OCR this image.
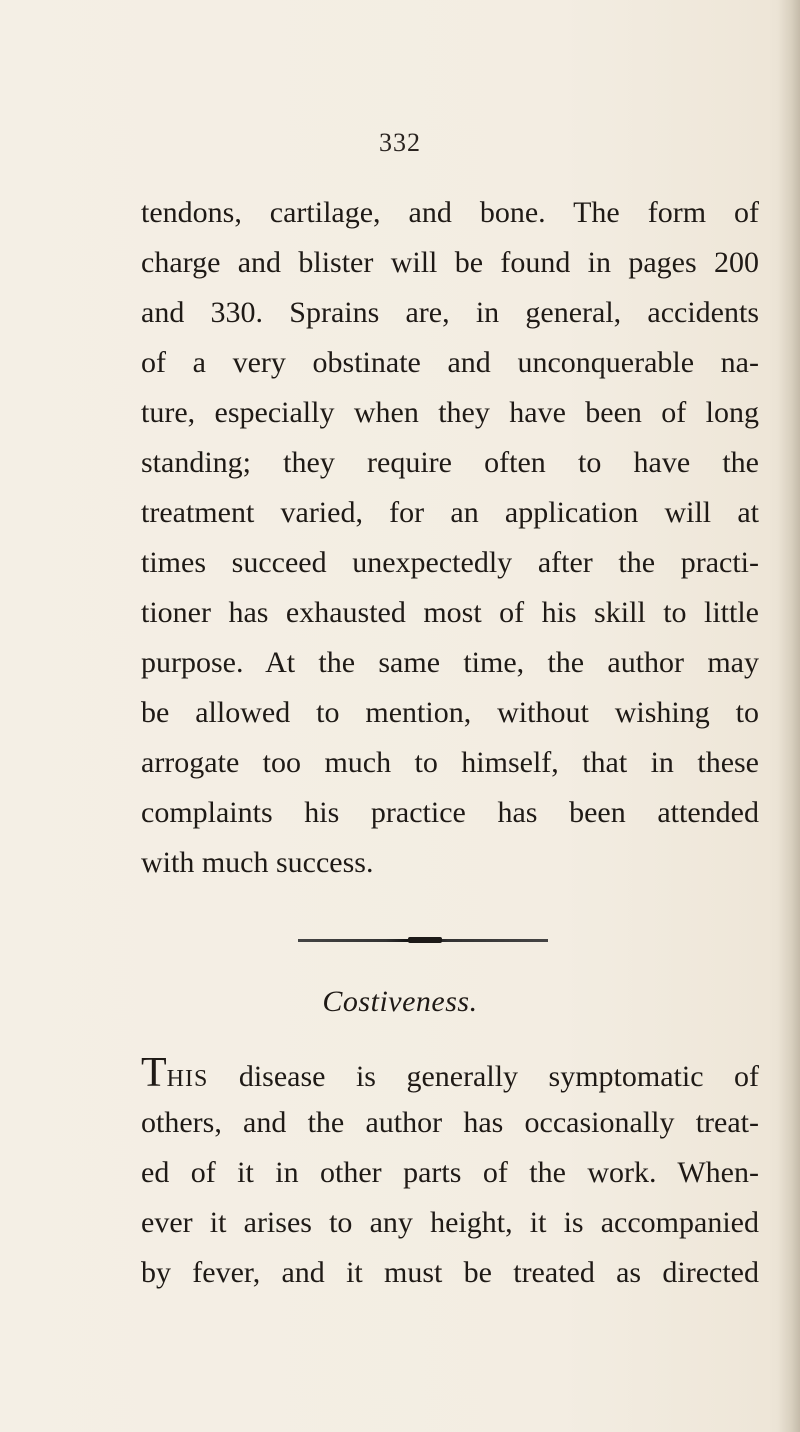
332
tendons, cartilage, and bone. The form of
charge and blister will be found in pages 200
and 330. Sprains are, in general, accidents
of a very obstinate and unconquerable na-
ture, especially when they have been of long
standing; they require often to have the
treatment varied, for an application will at
times succeed unexpectedly after the practi-
tioner has exhausted most of his skill to little
purpose. At the same time, the author may
be allowed to mention, without wishing to
arrogate too much to himself, that in these
complaints his practice has been attended
with much success.
Costiveness.
THIS disease is generally symptomatic of
others, and the author has occasionally treat-
ed of it in other parts of the work. When-
ever it arises to any height, it is accompanied
by fever, and it must be treated as directed
